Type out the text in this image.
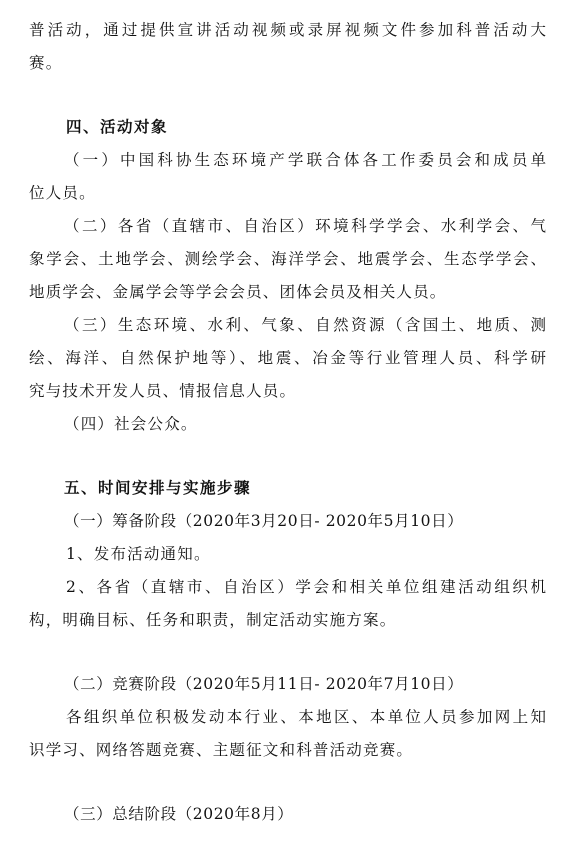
普活动，通过提供宣讲活动视频或录屏视频文件参加科普活动大
赛。
四、活动对象
（一）中国科协生态环境产学联合体各工作委员会和成员单
位人员。
（二）各省（直辖市、自治区）环境科学学会、水利学会、气
象学会、土地学会、测绘学会、海洋学会、地震学会、生态学学会、
地质学会、金属学会等学会会员、团体会员及相关人员。
（三）生态环境、水利、气象、自然资源（含国土、地质、测
绘、海洋、自然保护地等）、地震、冶金等行业管理人员、科学研
究与技术开发人员、情报信息人员。
（四）社会公众。
五、时间安排与实施步骤
（一）筹备阶段（2020年3月20日- 2020年5月10日）
1、发布活动通知。
2、各省（直辖市、自治区）学会和相关单位组建活动组织机
构，明确目标、任务和职责，制定活动实施方案。
（二）竞赛阶段（2020年5月11日- 2020年7月10日）
各组织单位积极发动本行业、本地区、本单位人员参加网上知
识学习、网络答题竞赛、主题征文和科普活动竞赛。
（三）总结阶段（2020年8月）
